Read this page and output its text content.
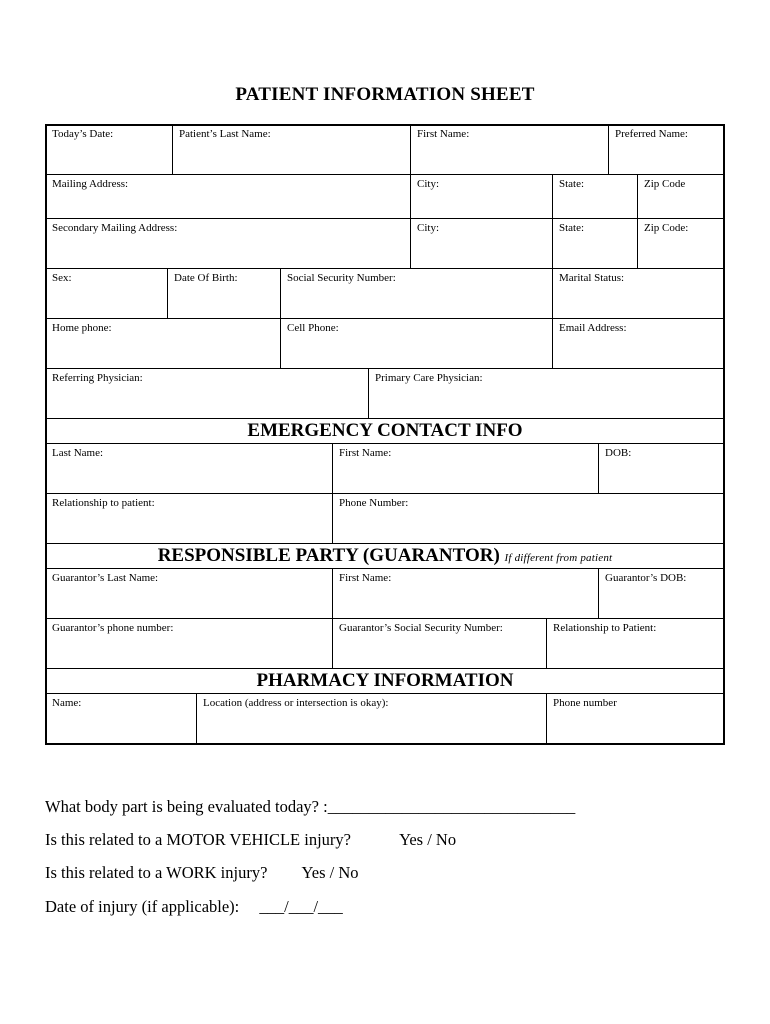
PATIENT INFORMATION SHEET
Today’s Date:	Patient’s Last Name:	First Name:	Preferred Name:
Mailing Address:	City:	State:	Zip Code
Secondary Mailing Address:	City:	State:	Zip Code:
Sex:	Date Of Birth:	Social Security Number:	Marital Status:
Home phone:	Cell Phone:	Email Address:
Referring Physician:	Primary Care Physician:
EMERGENCY CONTACT INFO
Last Name:	First Name:	DOB:
Relationship to patient:	Phone Number:
RESPONSIBLE PARTY (GUARANTOR) If different from patient
Guarantor’s Last Name:	First Name:	Guarantor’s DOB:
Guarantor’s phone number:	Guarantor’s Social Security Number:	Relationship to Patient:
PHARMACY INFORMATION
Name:	Location (address or intersection is okay):	Phone number
What body part is being evaluated today? :______________________________
Is this related to a MOTOR VEHICLE injury?	Yes / No
Is this related to a WORK injury? Yes / No
Date of injury (if applicable): ___/___/___
